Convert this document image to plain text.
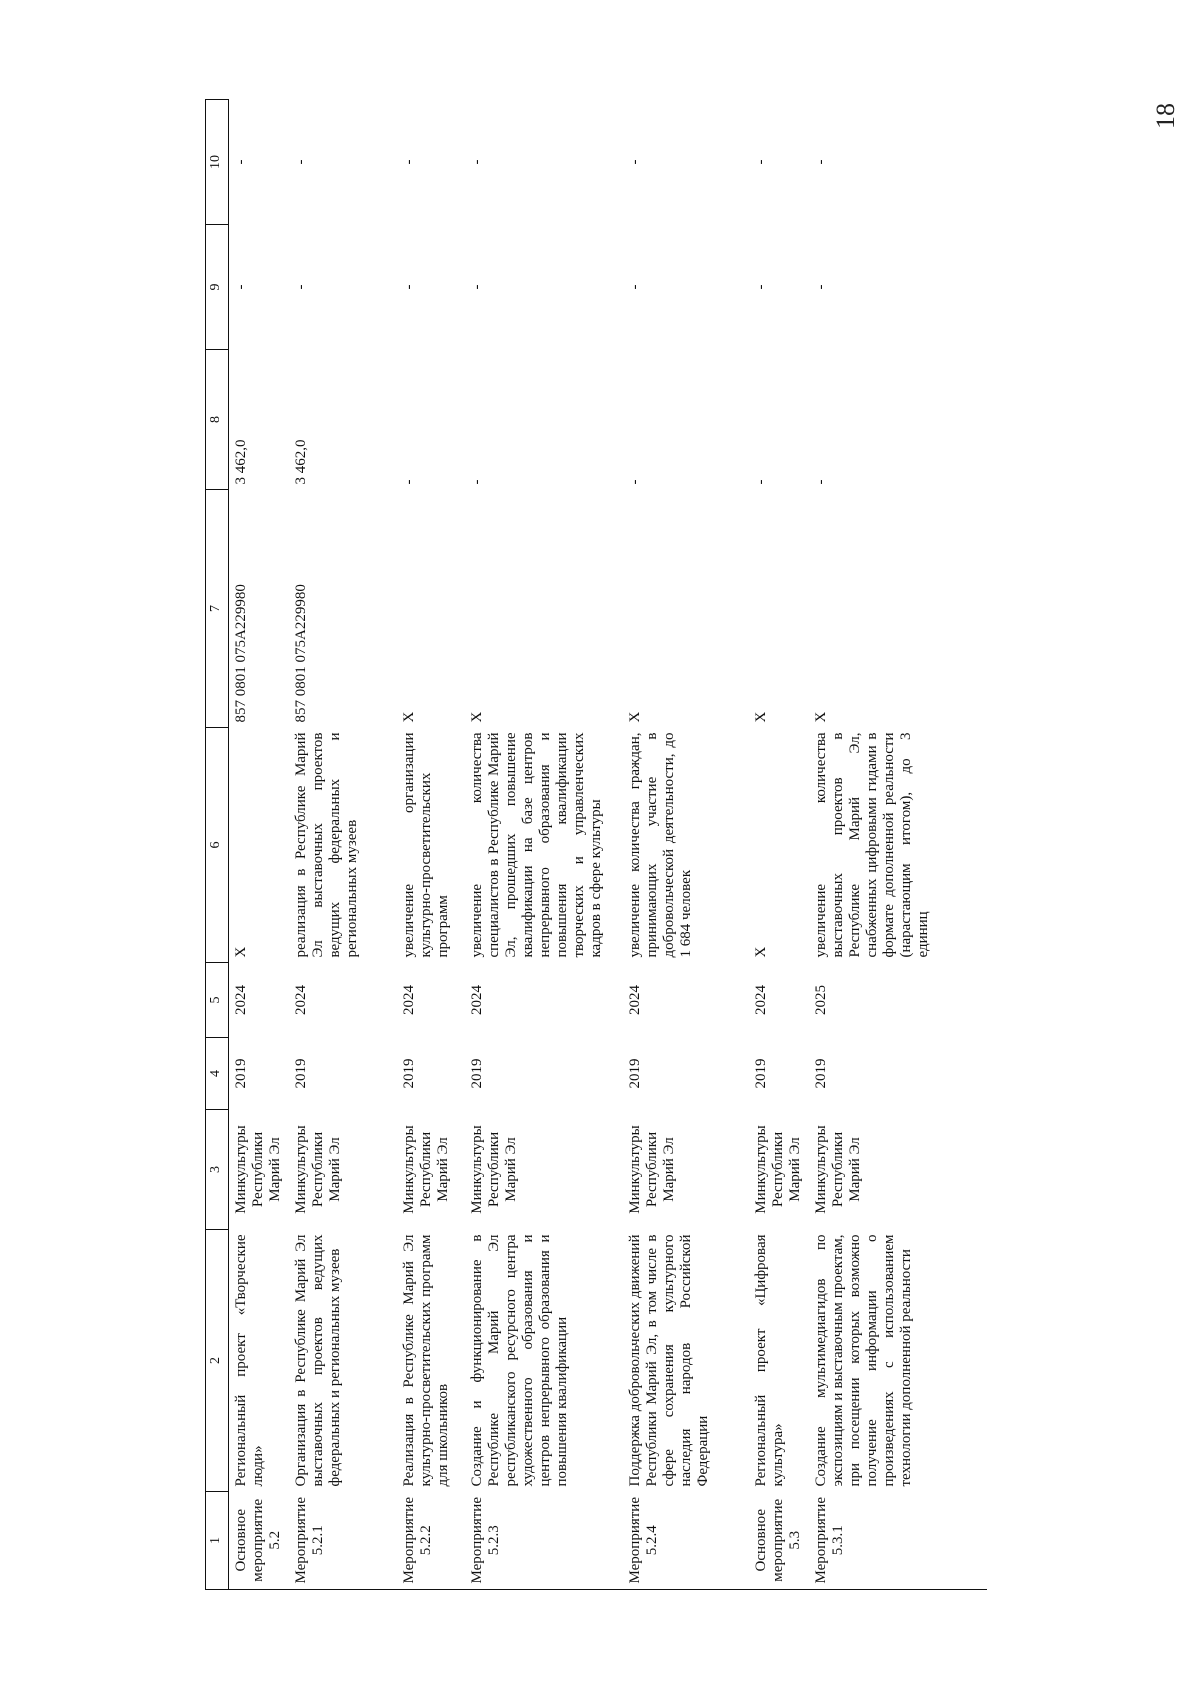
18
1	2	3	4	5	6	7	8	9	10
Основное мероприятие 5.2	Региональный проект «Творческие люди»	Минкультуры Республики Марий Эл	2019	2024	X	857 0801 075A229980	3 462,0	-	-
Мероприятие 5.2.1	Организация в Республике Марий Эл выставочных проектов ведущих федеральных и региональных музеев	Минкультуры Республики Марий Эл	2019	2024	реализация в Республике Марий Эл выставочных проектов ведущих федеральных и региональных музеев	857 0801 075A229980	3 462,0	-	-
Мероприятие 5.2.2	Реализация в Республике Марий Эл культурно-просветительских программ для школьников	Минкультуры Республики Марий Эл	2019	2024	увеличение организации культурно-просветительских программ	X	-	-	-
Мероприятие 5.2.3	Создание и функционирование в Республике Марий Эл республиканского ресурсного центра художественного образования и центров непрерывного образования и повышения квалификации	Минкультуры Республики Марий Эл	2019	2024	увеличение количества специалистов в Республике Марий Эл, прошедших повышение квалификации на базе центров непрерывного образования и повышения квалификации творческих и управленческих кадров в сфере культуры	X	-	-	-
Мероприятие 5.2.4	Поддержка добровольческих движений Республики Марий Эл, в том числе в сфере сохранения культурного наследия народов Российской Федерации	Минкультуры Республики Марий Эл	2019	2024	увеличение количества граждан, принимающих участие в добровольческой деятельности, до 1 684 человек	X	-	-	-
Основное мероприятие 5.3	Региональный проект «Цифровая культура»	Минкультуры Республики Марий Эл	2019	2024	X	X	-	-	-
Мероприятие 5.3.1	Создание мультимедиагидов по экспозициям и выставочным проектам, при посещении которых возможно получение информации о произведениях с использованием технологии дополненной реальности	Минкультуры Республики Марий Эл	2019	2025	увеличение количества выставочных проектов в Республике Марий Эл, снабженных цифровыми гидами в формате дополненной реальности (нарастающим итогом), до 3 единиц	X	-	-	-
